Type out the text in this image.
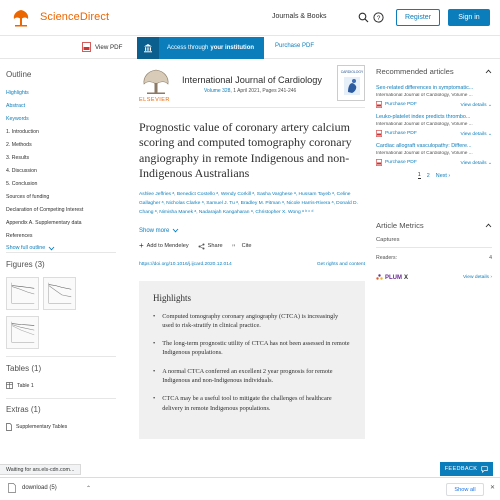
ScienceDirect	Journals & Books	?	Register	Sign in
View PDF	Access through your institution	Purchase PDF
Outline
Highlights
Abstract
Keywords
1. Introduction
2. Methods
3. Results
4. Discussion
5. Conclusion
Sources of funding
Declaration of Competing Interest
Appendix A. Supplementary data
References
Show full outline
Figures (3)
Tables (1)
Table 1
Extras (1)
Supplementary Tables
ELSEVIER
International Journal of Cardiology
Volume 328, 1 April 2021, Pages 241-246
CARDIOLOGY
Prognostic value of coronary artery calcium scoring and computed tomography coronary angiography in remote Indigenous and non-Indigenous Australians
Ashlee Jeffries ᵃ, Benedict Costello ᵃ, Wendy Corkill ᵃ, Sasha Varghese ᵃ, Hussam Tayeb ᵃ, Celine Gallagher ᵃ, Nicholas Clarke ᵃ, Samuel J. Tu ᵃ, Bradley M. Pitman ᵃ, Nicole Harris-Rivera ᵃ, Donald D. Chang ᵃ, Nimisha Manek ᵃ, Nadarajah Kangaharan ᵃ, Christopher X. Wong ᵃ ᵇ ᶜ ᵈ
Show more
+ Add to Mendeley	Share " Cite
https://doi.org/10.1016/j.ijcard.2020.12.014	Get rights and content
Highlights
• Computed tomography coronary angiography (CTCA) is increasingly used to risk-stratify in clinical practice.
• The long-term prognostic utility of CTCA has not been assessed in remote Indigenous populations.
• A normal CTCA conferred an excellent 2 year prognosis for remote Indigenous and non-Indigenous individuals.
• CTCA may be a useful tool to mitigate the challenges of healthcare delivery in remote Indigenous populations.
Recommended articles
Sex-related differences in symptomatic...
International Journal of Cardiology, Volume ...
Purchase PDF	View details ⌄
Leuko-platelet index predicts thrombo...
International Journal of Cardiology, Volume ...
Purchase PDF	View details ⌄
Cardiac allograft vasculopathy: Differe...
International Journal of Cardiology, Volume ...
Purchase PDF	View details ⌄
1 2 Next ›
Article Metrics
Captures
Readers:	4
PLUM X	View details ›
Waiting for ars.els-cdn.com...	FEEDBACK
download (5)	⌃	Show all	✕
